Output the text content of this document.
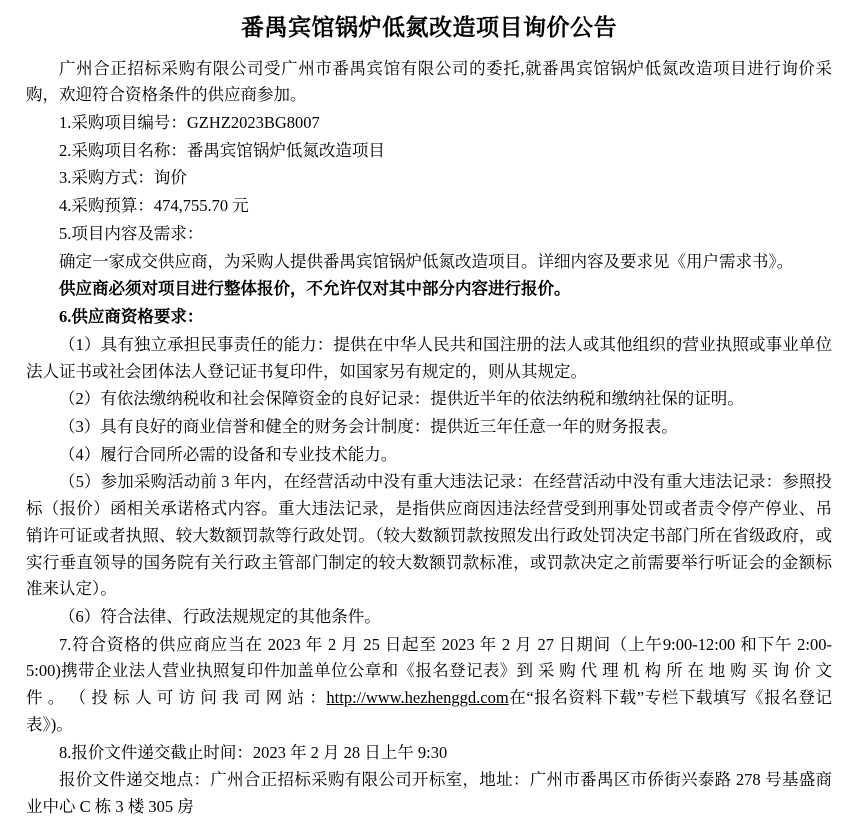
番禺宾馆锅炉低氮改造项目询价公告

广州合正招标采购有限公司受广州市番禺宾馆有限公司的委托,就番禺宾馆锅炉低氮改造项目进行询价采购，欢迎符合资格条件的供应商参加。

1.采购项目编号：GZHZ2023BG8007

2.采购项目名称：番禺宾馆锅炉低氮改造项目

3.采购方式：询价

4.采购预算：474,755.70 元

5.项目内容及需求：

确定一家成交供应商，为采购人提供番禺宾馆锅炉低氮改造项目。详细内容及要求见《用户需求书》。

供应商必须对项目进行整体报价，不允许仅对其中部分内容进行报价。

6.供应商资格要求：

（1）具有独立承担民事责任的能力：提供在中华人民共和国注册的法人或其他组织的营业执照或事业单位法人证书或社会团体法人登记证书复印件，如国家另有规定的，则从其规定。

（2）有依法缴纳税收和社会保障资金的良好记录：提供近半年的依法纳税和缴纳社保的证明。

（3）具有良好的商业信誉和健全的财务会计制度：提供近三年任意一年的财务报表。

（4）履行合同所必需的设备和专业技术能力。

（5）参加采购活动前 3 年内，在经营活动中没有重大违法记录：在经营活动中没有重大违法记录：参照投标（报价）函相关承诺格式内容。重大违法记录，是指供应商因违法经营受到刑事处罚或者责令停产停业、吊销许可证或者执照、较大数额罚款等行政处罚。（较大数额罚款按照发出行政处罚决定书部门所在省级政府，或实行垂直领导的国务院有关行政主管部门制定的较大数额罚款标准，或罚款决定之前需要举行听证会的金额标准来认定）。

（6）符合法律、行政法规规定的其他条件。

7.符合资格的供应商应当在 2023 年 2 月 25 日起至 2023 年 2 月 27 日期间（上午9:00-12:00 和下午 2:00-5:00)携带企业法人营业执照复印件加盖单位公章和《报名登记表》到 采 购 代 理 机 构 所 在 地 购 买 询 价 文 件 。 （ 投 标 人 可 访 问 我 司 网 站 ：http://www.hezhenggd.com在“报名资料下载”专栏下载填写《报名登记表》)。

8.报价文件递交截止时间：2023 年 2 月 28 日上午 9:30

报价文件递交地点：广州合正招标采购有限公司开标室，地址：广州市番禺区市侨街兴泰路 278 号基盛商业中心 C 栋 3 楼 305 房
